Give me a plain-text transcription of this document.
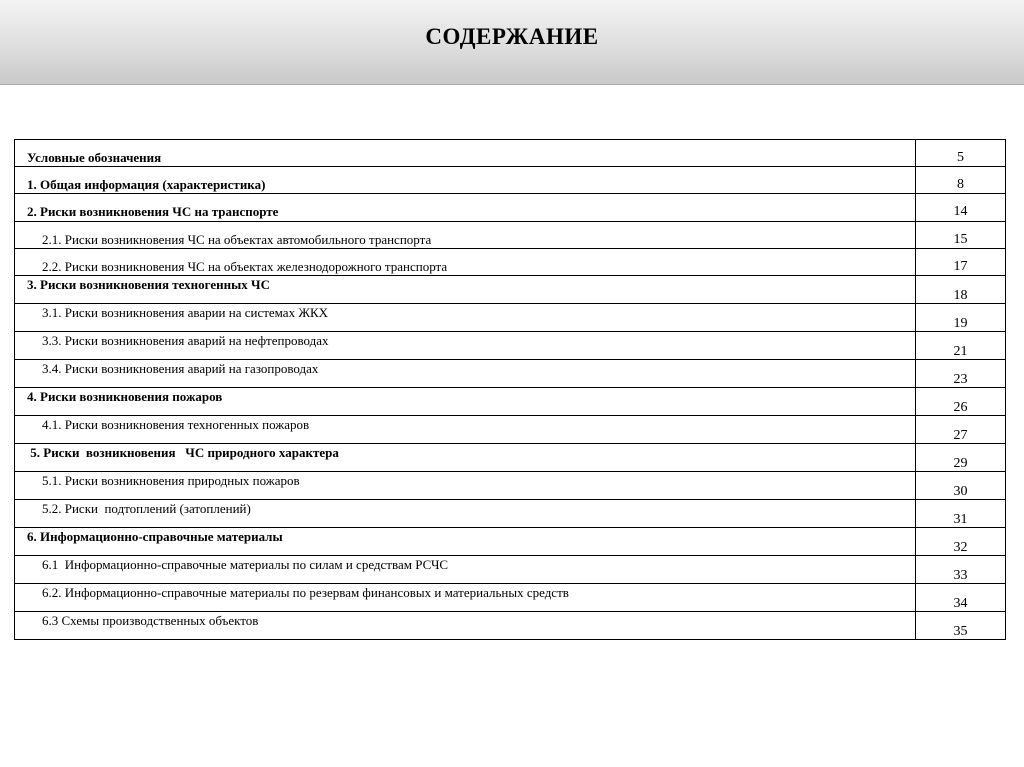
СОДЕРЖАНИЕ
Условные обозначения	5

1. Общая информация (характеристика)	8

2. Риски возникновения ЧС на транспорте	14

2.1. Риски возникновения ЧС на объектах автомобильного транспорта	15

2.2. Риски возникновения ЧС на объектах железнодорожного транспорта	17

3. Риски возникновения техногенных ЧС	18

3.1. Риски возникновения аварии на системах ЖКХ	19

3.3. Риски возникновения аварий на нефтепроводах	21

3.4. Риски возникновения аварий на газопроводах	23

4. Риски возникновения пожаров	26

4.1. Риски возникновения техногенных пожаров	27

5. Риски  возникновения   ЧС природного характера	29

5.1. Риски возникновения природных пожаров	30

5.2. Риски  подтоплений (затоплений)	31

6. Информационно-справочные материалы	32

6.1  Информационно-справочные материалы по силам и средствам РСЧС	33

6.2. Информационно-справочные материалы по резервам финансовых и материальных средств	34

6.3 Схемы производственных объектов	35
